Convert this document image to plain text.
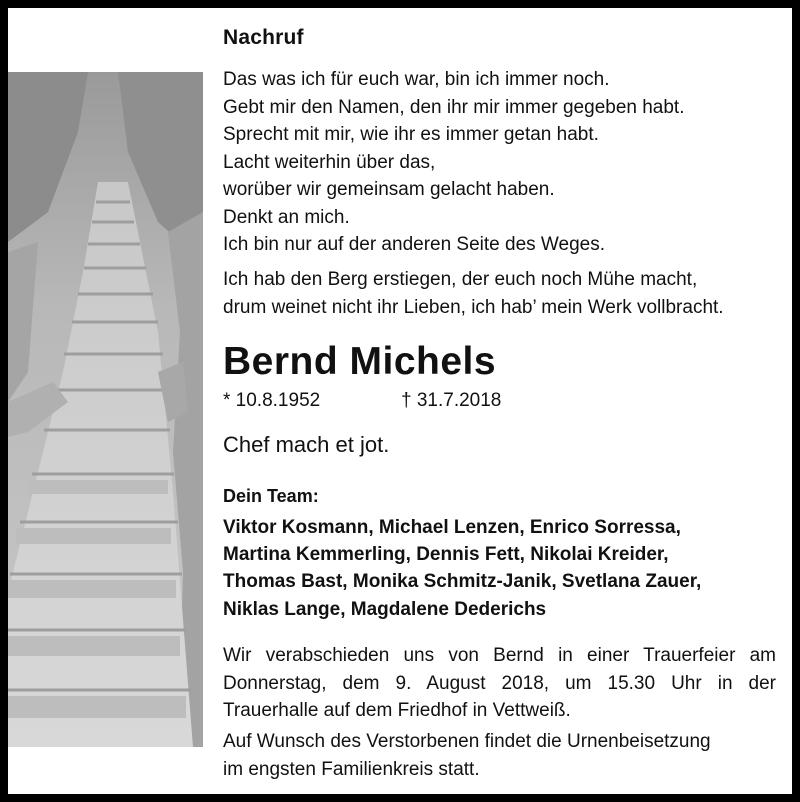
Nachruf
Das was ich für euch war, bin ich immer noch.
Gebt mir den Namen, den ihr mir immer gegeben habt.
Sprecht mit mir, wie ihr es immer getan habt.
Lacht weiterhin über das,
worüber wir gemeinsam gelacht haben.
Denkt an mich.
Ich bin nur auf der anderen Seite des Weges.
Ich hab den Berg erstiegen, der euch noch Mühe macht,
drum weinet nicht ihr Lieben, ich hab’ mein Werk vollbracht.
Bernd Michels
* 10.8.1952	† 31.7.2018
Chef mach et jot.
Dein Team:
Viktor Kosmann, Michael Lenzen, Enrico Sorressa,
Martina Kemmerling, Dennis Fett, Nikolai Kreider,
Thomas Bast, Monika Schmitz-Janik, Svetlana Zauer,
Niklas Lange, Magdalene Dederichs
Wir verabschieden uns von Bernd in einer Trauerfeier am
Donnerstag, dem 9. August 2018, um 15.30 Uhr in der
Trauerhalle auf dem Friedhof in Vettweiß.
Auf Wunsch des Verstorbenen findet die Urnenbeisetzung
im engsten Familienkreis statt.
